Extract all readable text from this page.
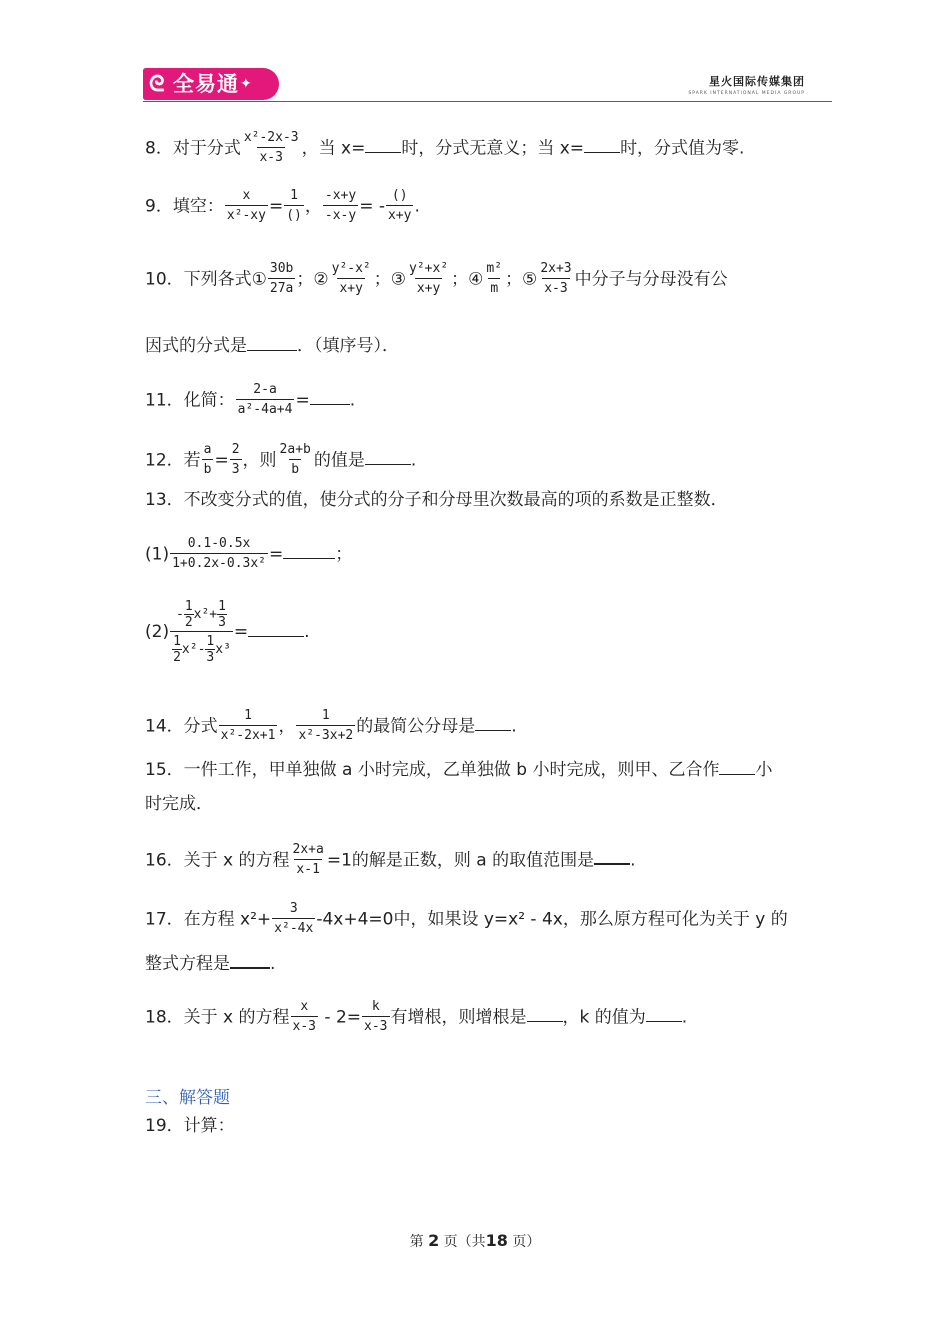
ᘓ 全易通✦	星火国际传媒集团
SPARK INTERNATIONAL MEDIA GROUP
8．对于分式 $\frac{\text{x²-2x-3}}{x-3}$ ，当 x= 时，分式无意义；当 x= 时，分式值为零.
9．填空： $\frac{x}{\text{x²-xy}} = \frac{1}{()}$ ， $\frac{-x+y}{-x-y}$ = - $\frac{()}{x+y}$ .
10．下列各式① $\frac{30b}{27a}$ ；② $\frac{\text{y²-x²}}{x+y}$ ；③ $\frac{\text{y²+x²}}{x+y}$ ；④ $\frac{\text{m²}}{m}$ ；⑤ $\frac{2x+3}{x-3}$ 中分子与分母没有公
因式的分式是	．（填序号）．
11．化简： $\frac{2-a}{\text{a²-4a+4}}$ = .
12．若 $\frac{a}{b} = \frac{2}{3}$ ，则 $\frac{2a+b}{b}$ 的值是	.
13．不改变分式的值，使分式的分子和分母里次数最高的项的系数是正整数．
$(1) \frac{0.1-0.5x}{\text{1+0.2x-0.3x²}}$ =	；
$(2) \frac{- \frac{1}{2} x^2+ \frac{1}{3}}{\frac{1}{2} x^2- \frac{1}{3} x^3}$ =	.
14．分式 $\frac{1}{\text{x²-2x+1}}$ ， $\frac{1}{\text{x²-3x+2}}$ 的最简公分母是 .
15．一件工作，甲单独做 a 小时完成，乙单独做 b 小时完成，则甲、乙合作 小
时完成．
16．关于 x 的方程 $\frac{2x+a}{x-1} =1$的解是正数，则 a 的取值范围是 .
17．在方程 $x^2+ \frac{3}{\text{x²-4x}} -4x+4=0$中，如果设 y=x² - 4x，那么原方程可化为关于 y 的
整式方程是 .
18．关于 x 的方程 $\frac{x}{x-3} - 2= \frac{k}{x-3}$ 有增根，则增根是 ，k 的值为 .
三、解答题
19．计算：
第 2 页（共18 页）
